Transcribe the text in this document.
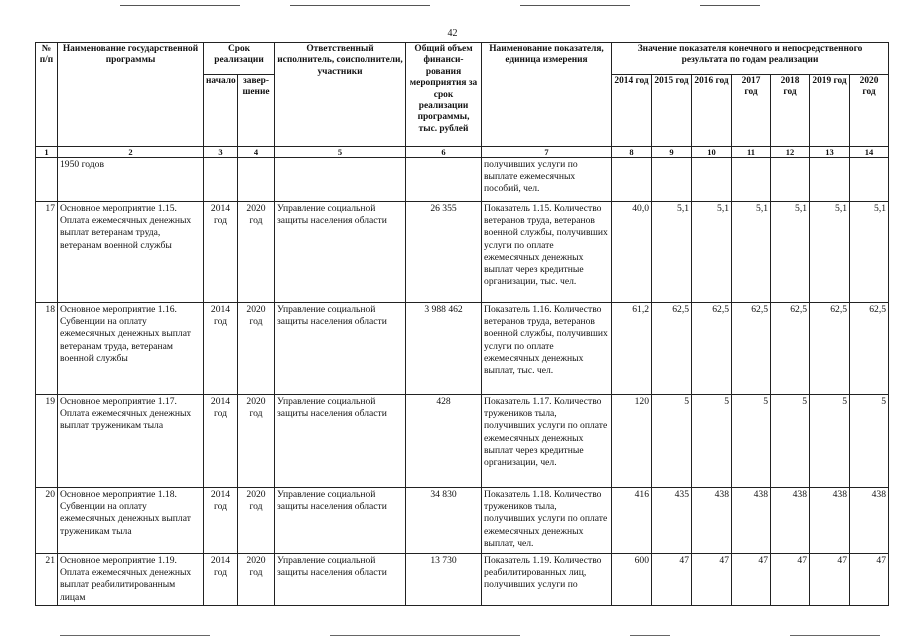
42
№ п/п	Наименование государственной программы	Срок реализации		Ответственный исполнитель, соисполнители, участники	Общий объем финанси-рования мероприятия за срок реализации программы, тыс. рублей	Наименование показателя, единица измерения	Значение показателя конечного и непосредственного результата по годам реализации						
		начало	завер-шение				2014 год	2015 год	2016 год	2017 год	2018 год	2019 год	2020 год
1	2	3	4	5	6	7	8	9	10	11	12	13	14
	1950 годов					получивших услуги по выплате ежемесячных пособий, чел.							
17	Основное мероприятие 1.15. Оплата ежемесячных денежных выплат ветеранам труда, ветеранам военной службы	2014 год	2020 год	Управление социальной защиты населения области	26 355	Показатель 1.15. Количество ветеранов труда, ветеранов военной службы, получивших услуги по оплате ежемесячных денежных выплат через кредитные организации, тыс. чел.	40,0	5,1	5,1	5,1	5,1	5,1	5,1
18	Основное мероприятие 1.16. Субвенции на оплату ежемесячных денежных выплат ветеранам труда, ветеранам военной службы	2014 год	2020 год	Управление социальной защиты населения области	3 988 462	Показатель 1.16. Количество ветеранов труда, ветеранов военной службы, получивших услуги по оплате ежемесячных денежных выплат, тыс. чел.	61,2	62,5	62,5	62,5	62,5	62,5	62,5
19	Основное мероприятие 1.17. Оплата ежемесячных денежных выплат труженикам тыла	2014 год	2020 год	Управление социальной защиты населения области	428	Показатель 1.17. Количество тружеников тыла, получивших услуги по оплате ежемесячных денежных выплат через кредитные организации, чел.	120	5	5	5	5	5	5
20	Основное мероприятие 1.18. Субвенции на оплату ежемесячных денежных выплат труженикам тыла	2014 год	2020 год	Управление социальной защиты населения области	34 830	Показатель 1.18. Количество тружеников тыла, получивших услуги по оплате ежемесячных денежных выплат, чел.	416	435	438	438	438	438	438
21	Основное мероприятие 1.19. Оплата ежемесячных денежных выплат реабилитированным лицам	2014 год	2020 год	Управление социальной защиты населения области	13 730	Показатель 1.19. Количество реабилитированных лиц, получивших услуги по	600	47	47	47	47	47	47
